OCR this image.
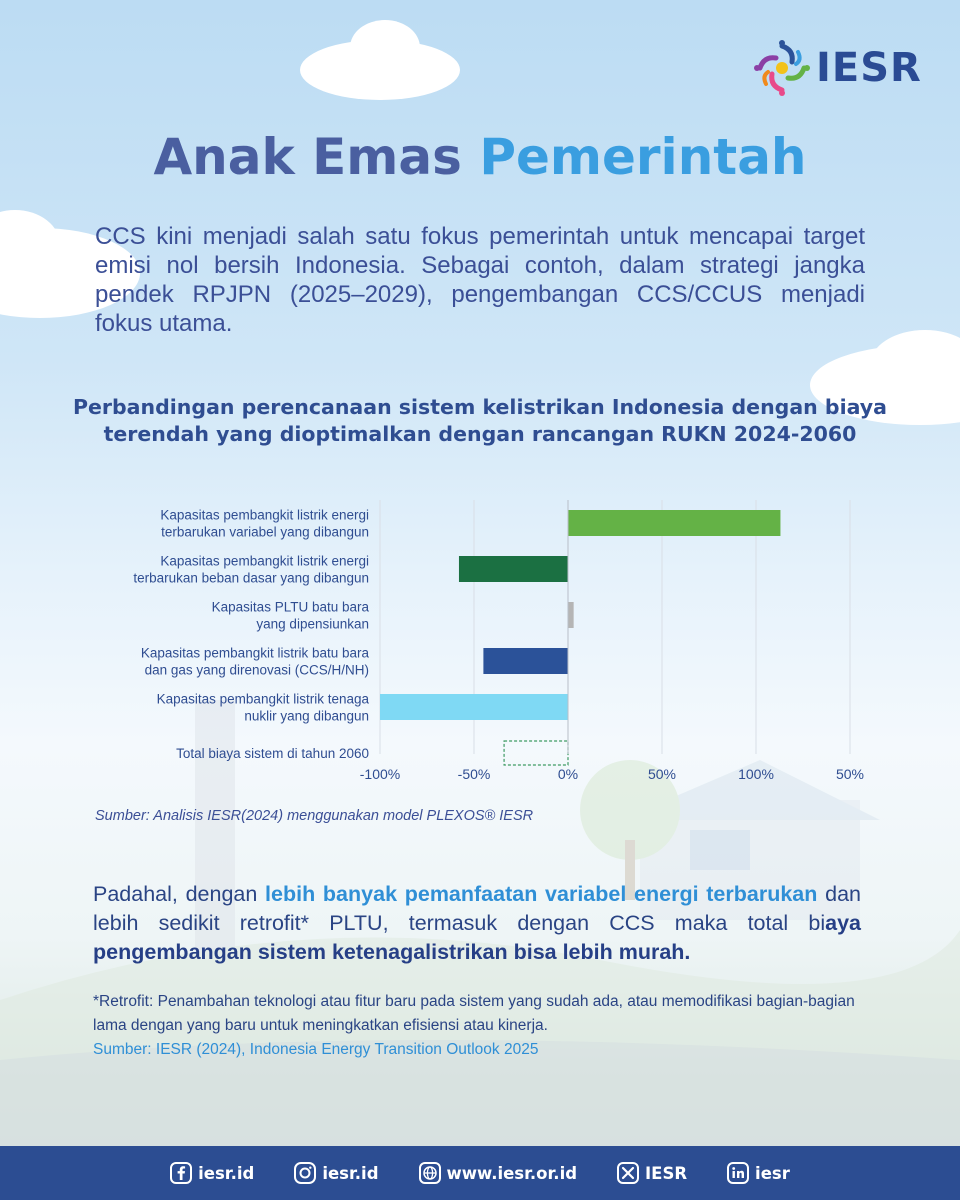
IESR
Anak Emas Pemerintah
CCS kini menjadi salah satu fokus pemerintah untuk mencapai target emisi nol bersih Indonesia. Sebagai contoh, dalam strategi jangka pendek RPJPN (2025–2029), pengembangan CCS/CCUS menjadi fokus utama.
Perbandingan perencanaan sistem kelistrikan Indonesia dengan biaya terendah yang dioptimalkan dengan rancangan RUKN 2024-2060
Kapasitas pembangkit listrik energi
terbarukan variabel yang dibangun
Kapasitas pembangkit listrik energi
terbarukan beban dasar yang dibangun
Kapasitas PLTU batu bara
yang dipensiunkan
Kapasitas pembangkit listrik batu bara
dan gas yang direnovasi (CCS/H/NH)
Kapasitas pembangkit listrik tenaga
nuklir yang dibangun
Total biaya sistem di tahun 2060
-100%	-50%	0%	50%	100%	50%
Sumber: Analisis IESR(2024) menggunakan model PLEXOS® IESR
Padahal, dengan lebih banyak pemanfaatan variabel energi terbarukan dan lebih sedikit retrofit* PLTU, termasuk dengan CCS maka total biaya pengembangan sistem ketenagalistrikan bisa lebih murah.
*Retrofit: Penambahan teknologi atau fitur baru pada sistem yang sudah ada, atau memodifikasi bagian-bagian lama dengan yang baru untuk meningkatkan efisiensi atau kinerja.
Sumber: IESR (2024), Indonesia Energy Transition Outlook 2025
iesr.id	iesr.id	www.iesr.or.id	IESR	iesr
